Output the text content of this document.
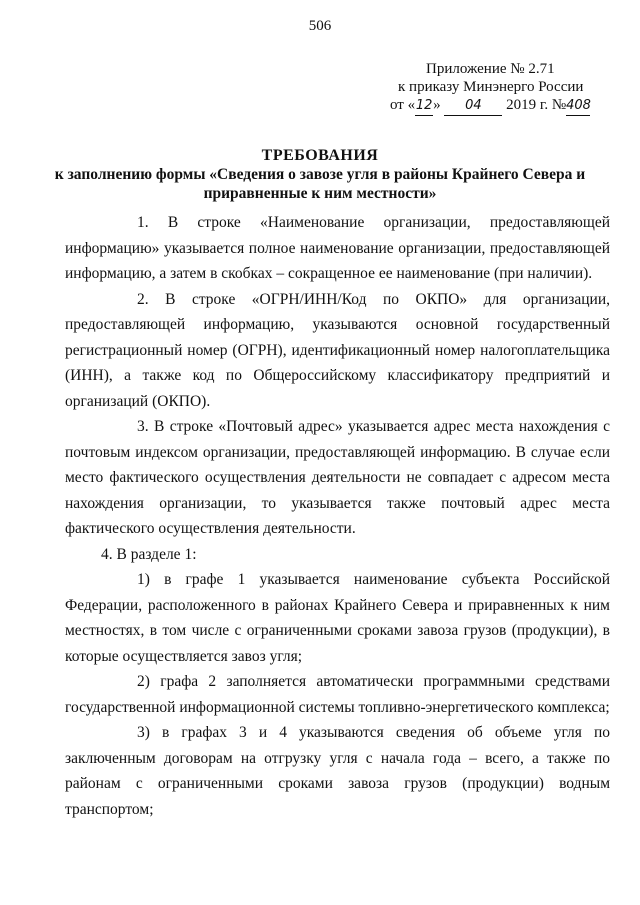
506
Приложение № 2.71
к приказу Минэнерго России
от «12» 04 2019 г. №408
ТРЕБОВАНИЯ
к заполнению формы «Сведения о завозе угля в районы Крайнего Севера и приравненные к ним местности»

1. В строке «Наименование организации, предоставляющей информацию» указывается полное наименование организации, предоставляющей информацию, а затем в скобках – сокращенное ее наименование (при наличии).

2. В строке «ОГРН/ИНН/Код по ОКПО» для организации, предоставляющей информацию, указываются основной государственный регистрационный номер (ОГРН), идентификационный номер налогоплательщика (ИНН), а также код по Общероссийскому классификатору предприятий и организаций (ОКПО).

3. В строке «Почтовый адрес» указывается адрес места нахождения с почтовым индексом организации, предоставляющей информацию. В случае если место фактического осуществления деятельности не совпадает с адресом места нахождения организации, то указывается также почтовый адрес места фактического осуществления деятельности.

4. В разделе 1:

1) в графе 1 указывается наименование субъекта Российской Федерации, расположенного в районах Крайнего Севера и приравненных к ним местностях, в том числе с ограниченными сроками завоза грузов (продукции), в которые осуществляется завоз угля;

2) графа 2 заполняется автоматически программными средствами государственной информационной системы топливно-энергетического комплекса;

3) в графах 3 и 4 указываются сведения об объеме угля по заключенным договорам на отгрузку угля с начала года – всего, а также по районам с ограниченными сроками завоза грузов (продукции) водным транспортом;
